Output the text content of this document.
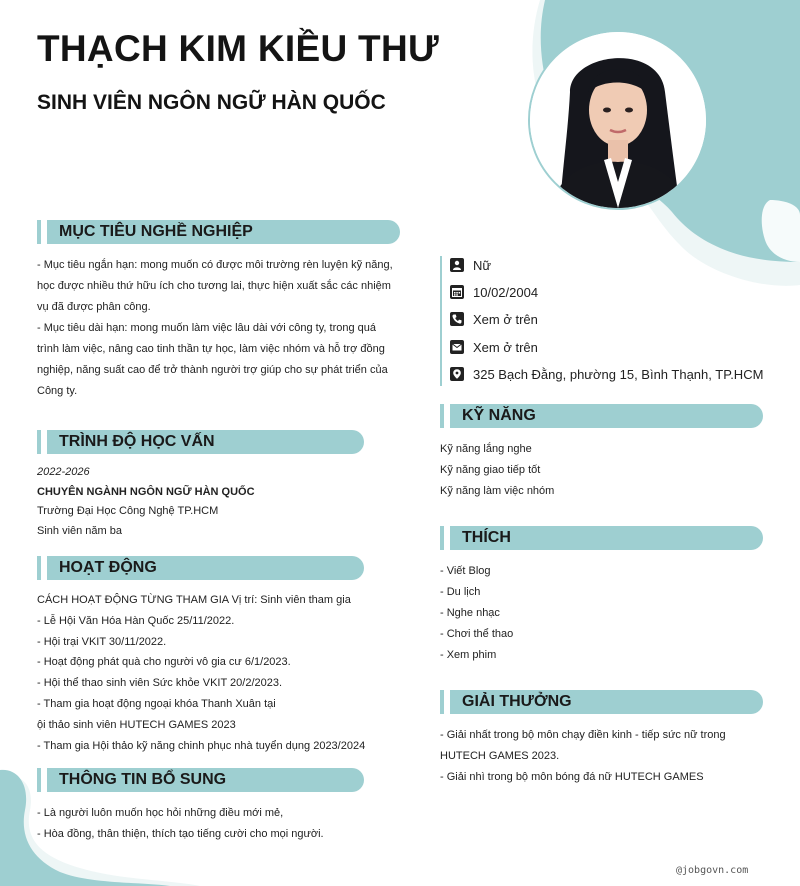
THẠCH KIM KIỀU THƯ
SINH VIÊN NGÔN NGỮ HÀN QUỐC
MỤC TIÊU NGHỀ NGHIỆP
- Mục tiêu ngắn hạn: mong muốn có được môi trường rèn luyện kỹ năng,
học được nhiều thứ hữu ích cho tương lai, thực hiện xuất sắc các nhiệm
vụ đã được phân công.
- Mục tiêu dài hạn: mong muốn làm việc lâu dài với công ty, trong quá
trình làm việc, nâng cao tinh thần tự học, làm việc nhóm và hỗ trợ đồng
nghiệp, năng suất cao để trở thành người trợ giúp cho sự phát triển của
Công ty.
TRÌNH ĐỘ HỌC VẤN
2022-2026
CHUYÊN NGÀNH NGÔN NGỮ HÀN QUỐC
Trường Đại Học Công Nghệ TP.HCM
Sinh viên năm ba
HOẠT ĐỘNG
CÁCH HOẠT ĐỘNG TỪNG THAM GIA Vị trí: Sinh viên tham gia
- Lễ Hội Văn Hóa Hàn Quốc 25/11/2022.
- Hội trại VKIT 30/11/2022.
- Hoạt động phát quà cho người vô gia cư 6/1/2023.
- Hội thể thao sinh viên Sức khỏe VKIT 20/2/2023.
- Tham gia hoạt động ngoại khóa Thanh Xuân tại
ội thảo sinh viên HUTECH GAMES 2023
- Tham gia Hội thảo kỹ năng chinh phục nhà tuyển dụng 2023/2024
THÔNG TIN BỔ SUNG
- Là người luôn muốn học hỏi những điều mới mẻ,
- Hòa đồng, thân thiện, thích tạo tiếng cười cho mọi người.
Nữ
10/02/2004
Xem ở trên
Xem ở trên
325 Bạch Đằng, phường 15, Bình Thạnh, TP.HCM
KỸ NĂNG
Kỹ năng lắng nghe
Kỹ năng giao tiếp tốt
Kỹ năng làm việc nhóm
THÍCH
- Viết Blog
- Du lịch
- Nghe nhạc
- Chơi thể thao
- Xem phim
GIẢI THƯỞNG
- Giải nhất trong bộ môn chạy điền kinh - tiếp sức nữ trong
HUTECH GAMES 2023.
- Giải nhì trong bộ môn bóng đá nữ HUTECH GAMES
@jobgovn.com
